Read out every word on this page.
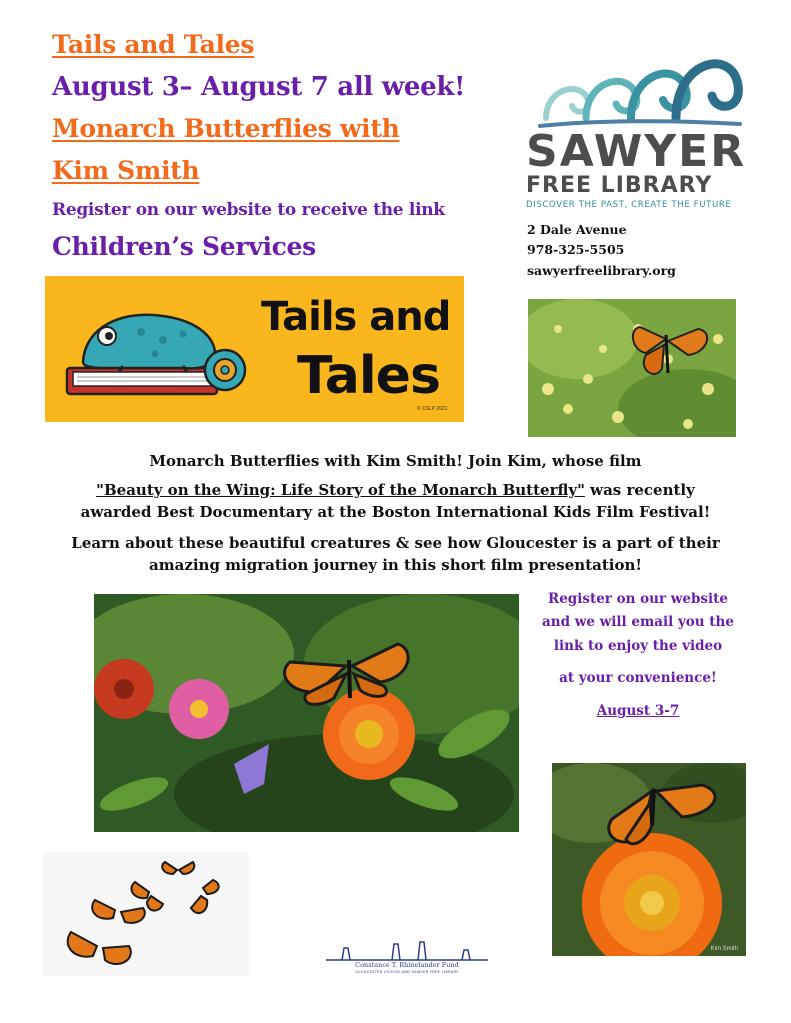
Tails and Tales
August 3– August 7 all week!
Monarch Butterflies with
Kim Smith
Register on our website to receive the link
Children’s Services
SAWYER
FREE LIBRARY
DISCOVER THE PAST, CREATE THE FUTURE
2 Dale Avenue
978-325-5505
sawyerfreelibrary.org
Tails and
Tales
© CSLP 2021
Monarch Butterflies with Kim Smith! Join Kim, whose film
"Beauty on the Wing: Life Story of the Monarch Butterfly" was recently
awarded Best Documentary at the Boston International Kids Film Festival!
Learn about these beautiful creatures & see how Gloucester is a part of their
amazing migration journey in this short film presentation!
Register on our website
and we will email you the
link to enjoy the video
at your convenience!
August 3-7
Kim Smith
Constance T. Rhinelander Fund
GLOUCESTER LYCEUM AND SAWYER FREE LIBRARY
